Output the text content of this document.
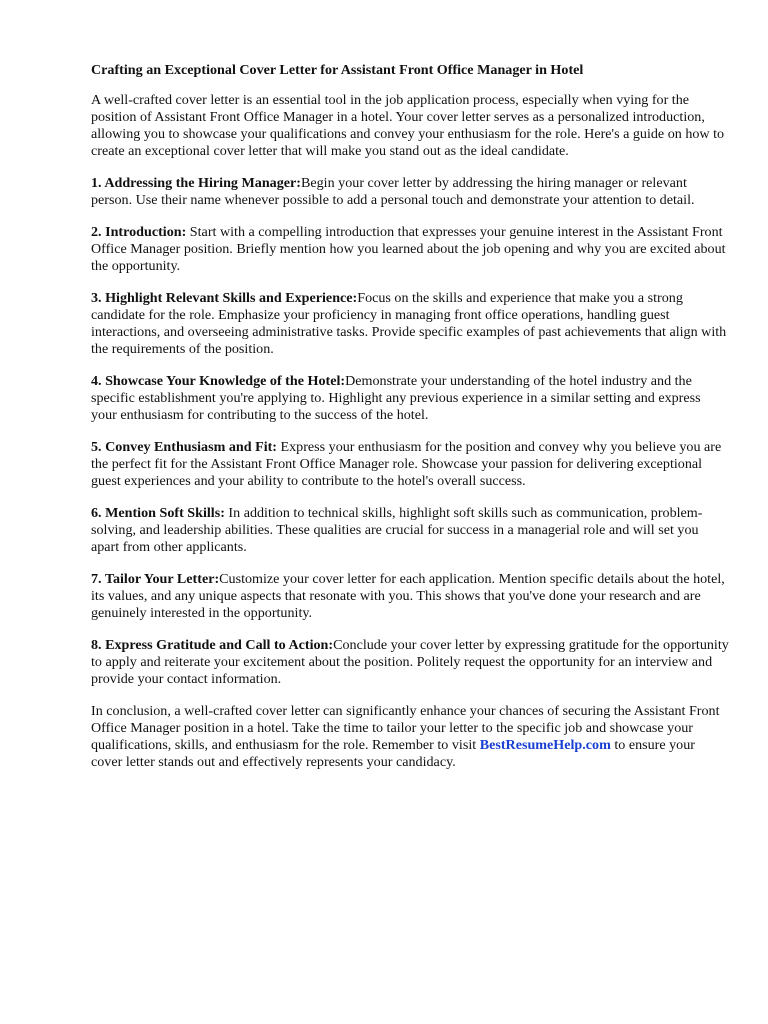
Crafting an Exceptional Cover Letter for Assistant Front Office Manager in Hotel

A well-crafted cover letter is an essential tool in the job application process, especially when vying for the position of Assistant Front Office Manager in a hotel. Your cover letter serves as a personalized introduction, allowing you to showcase your qualifications and convey your enthusiasm for the role. Here's a guide on how to create an exceptional cover letter that will make you stand out as the ideal candidate.

1. Addressing the Hiring Manager:Begin your cover letter by addressing the hiring manager or relevant person. Use their name whenever possible to add a personal touch and demonstrate your attention to detail.

2. Introduction: Start with a compelling introduction that expresses your genuine interest in the Assistant Front Office Manager position. Briefly mention how you learned about the job opening and why you are excited about the opportunity.

3. Highlight Relevant Skills and Experience:Focus on the skills and experience that make you a strong candidate for the role. Emphasize your proficiency in managing front office operations, handling guest interactions, and overseeing administrative tasks. Provide specific examples of past achievements that align with the requirements of the position.

4. Showcase Your Knowledge of the Hotel:Demonstrate your understanding of the hotel industry and the specific establishment you're applying to. Highlight any previous experience in a similar setting and express your enthusiasm for contributing to the success of the hotel.

5. Convey Enthusiasm and Fit: Express your enthusiasm for the position and convey why you believe you are the perfect fit for the Assistant Front Office Manager role. Showcase your passion for delivering exceptional guest experiences and your ability to contribute to the hotel's overall success.

6. Mention Soft Skills: In addition to technical skills, highlight soft skills such as communication, problem-solving, and leadership abilities. These qualities are crucial for success in a managerial role and will set you apart from other applicants.

7. Tailor Your Letter:Customize your cover letter for each application. Mention specific details about the hotel, its values, and any unique aspects that resonate with you. This shows that you've done your research and are genuinely interested in the opportunity.

8. Express Gratitude and Call to Action:Conclude your cover letter by expressing gratitude for the opportunity to apply and reiterate your excitement about the position. Politely request the opportunity for an interview and provide your contact information.

In conclusion, a well-crafted cover letter can significantly enhance your chances of securing the Assistant Front Office Manager position in a hotel. Take the time to tailor your letter to the specific job and showcase your qualifications, skills, and enthusiasm for the role. Remember to visit BestResumeHelp.com to ensure your cover letter stands out and effectively represents your candidacy.
